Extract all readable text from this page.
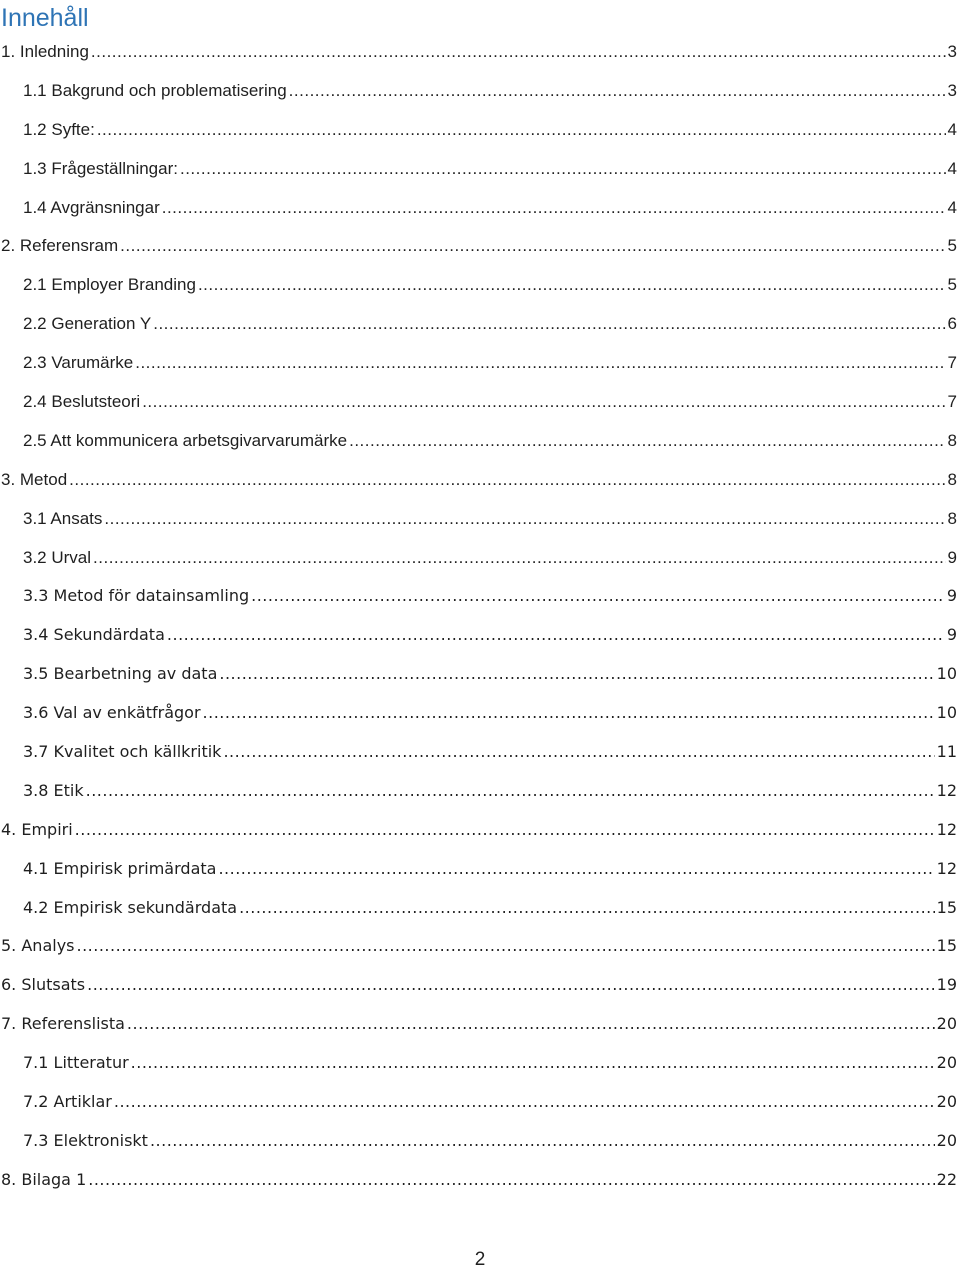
Innehåll
1. Inledning .....	3
1.1 Bakgrund och problematisering .....	3
1.2 Syfte: .....	4
1.3 Frågeställningar: .....	4
1.4 Avgränsningar .....	4
2. Referensram .....	5
2.1 Employer Branding .....	5
2.2 Generation Y .....	6
2.3 Varumärke .....	7
2.4 Beslutsteori .....	7
2.5 Att kommunicera arbetsgivarvarumärke .....	8
3. Metod .....	8
3.1 Ansats .....	8
3.2 Urval .....	9
3.3 Metod för datainsamling .....	9
3.4 Sekundärdata .....	9
3.5 Bearbetning av data .....	10
3.6 Val av enkätfrågor .....	10
3.7 Kvalitet och källkritik .....	11
3.8 Etik .....	12
4. Empiri .....	12
4.1 Empirisk primärdata .....	12
4.2 Empirisk sekundärdata .....	15
5. Analys .....	15
6. Slutsats .....	19
7. Referenslista .....	20
7.1 Litteratur .....	20
7.2 Artiklar .....	20
7.3 Elektroniskt .....	20
8. Bilaga 1 .....	22
2
